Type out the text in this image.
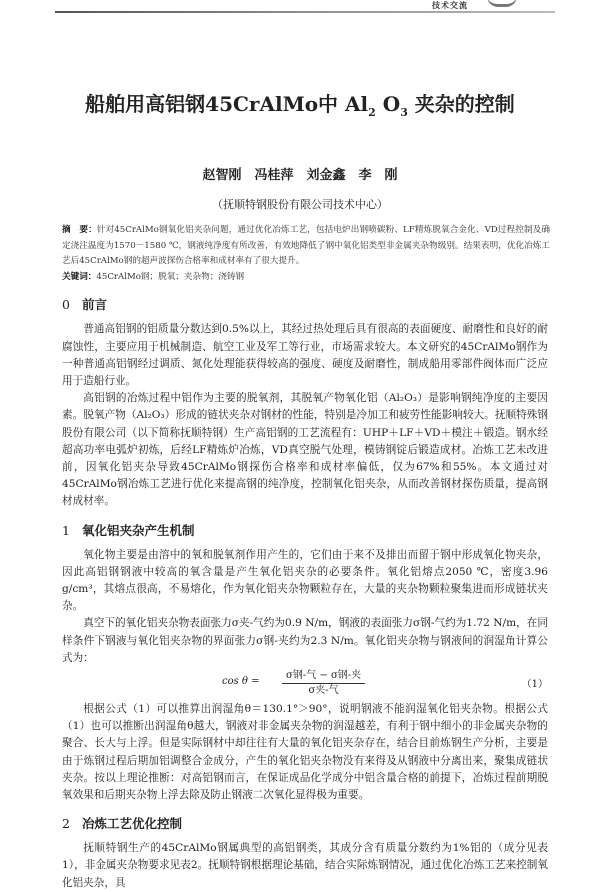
技术交流
船舶用高铝钢45CrAlMo中 $Al_2$ $O_3$ 夹杂的控制
赵智刚　冯桂萍　刘金鑫　李　刚
（抚顺特钢股份有限公司技术中心）
摘　要：针对45CrAlMo钢氧化铝夹杂问题，通过优化冶炼工艺，包括电炉出钢喷碳粉、LF精炼脱氧合金化、VD过程控制及确定浇注温度为1570－1580 ℃，钢液纯净度有所改善，有效地降低了钢中氧化铝类型非金属夹杂物级别。结果表明，优化冶炼工艺后45CrAlMo钢的超声波探伤合格率和成材率有了很大提升。
关键词：45CrAlMo钢；脱氧；夹杂物；浇铸钢
0 前言
普通高铝钢的铝质量分数达到0.5%以上，其经过热处理后具有很高的表面硬度、耐磨性和良好的耐腐蚀性，主要应用于机械制造、航空工业及军工等行业，市场需求较大。本文研究的45CrAlMo钢作为一种普通高铝钢经过调质、氮化处理能获得较高的强度、硬度及耐磨性，制成船用零部件阀体而广泛应用于造船行业。
高铝钢的冶炼过程中铝作为主要的脱氧剂，其脱氧产物氧化铝（Al₂O₃）是影响钢纯净度的主要因素。脱氧产物（Al₂O₃）形成的链状夹杂对钢材的性能，特别是冷加工和疲劳性能影响较大。抚顺特殊钢股份有限公司（以下简称抚顺特钢）生产高铝钢的工艺流程有：UHP＋LF＋VD＋模注＋锻造。钢水经超高功率电弧炉初炼，后经LF精炼炉冶炼，VD真空脱气处理，模铸钢锭后锻造成材。冶炼工艺未改进前，因氧化铝夹杂导致45CrAlMo钢探伤合格率和成材率偏低，仅为67%和55%。本文通过对45CrAlMo钢冶炼工艺进行优化来提高钢的纯净度，控制氧化铝夹杂，从而改善钢材探伤质量，提高钢材成材率。
1 氧化铝夹杂产生机制
氧化物主要是由溶中的氧和脱氧剂作用产生的，它们由于来不及排出而留于钢中形成氧化物夹杂，因此高铝钢钢液中较高的氧含量是产生氧化铝夹杂的必要条件。氧化铝熔点2050 ℃，密度3.96 g/cm³，其熔点很高，不易熔化，作为氧化铝夹杂物颗粒存在，大量的夹杂物颗粒聚集进而形成链状夹杂。
真空下的氧化铝夹杂物表面张力σ夹-气约为0.9 N/m，钢液的表面张力σ钢-气约为1.72 N/m，在同样条件下钢液与氧化铝夹杂物的界面张力σ钢-夹约为2.3 N/m。氧化铝夹杂物与钢液间的润湿角计算公式为：
cos θ =
σ钢-气 − σ钢-夹
σ夹-气
（1）
根据公式（1）可以推算出润湿角θ＝130.1°＞90°，说明钢液不能润湿氧化铝夹杂物。根据公式（1）也可以推断出润湿角θ越大，钢液对非金属夹杂物的润湿越差，有利于钢中细小的非金属夹杂物的聚合、长大与上浮。但是实际钢材中却往往有大量的氧化铝夹杂存在，结合目前炼钢生产分析，主要是由于炼钢过程后期加铝调整合金成分，产生的氧化铝夹杂物没有来得及从钢液中分离出来，聚集成链状夹杂。按以上理论推断：对高铝钢而言，在保证成品化学成分中铝含量合格的前提下，冶炼过程前期脱氧效果和后期夹杂物上浮去除及防止钢液二次氧化显得极为重要。
2 冶炼工艺优化控制
抚顺特钢生产的45CrAlMo钢属典型的高铝钢类，其成分含有质量分数约为1%铝的（成分见表1），非金属夹杂物要求见表2。抚顺特钢根据理论基础，结合实际炼钢情况，通过优化冶炼工艺来控制氧化铝夹杂，具
